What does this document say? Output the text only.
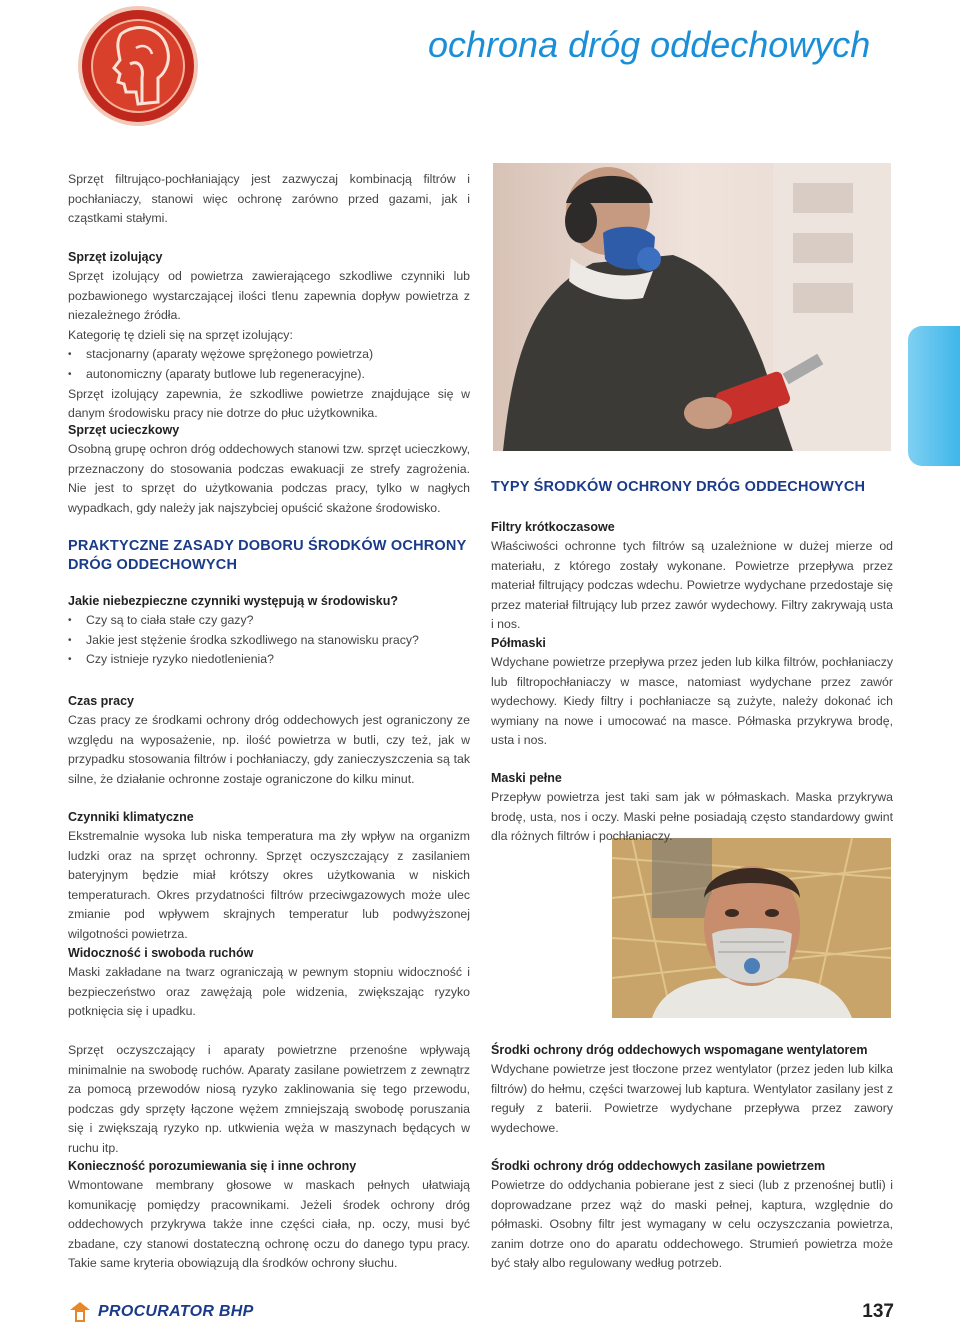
ochrona dróg oddechowych

Sprzęt filtrująco-pochłaniający jest zazwyczaj kombinacją filtrów i pochłaniaczy, stanowi więc ochronę zarówno przed gazami, jak i cząstkami stałymi.

Sprzęt izolujący

Sprzęt izolujący od powietrza zawierającego szkodliwe czynniki lub pozbawionego wystarczającej ilości tlenu zapewnia dopływ powietrza z niezależnego źródła.

Kategorię tę dzieli się na sprzęt izolujący:

• stacjonarny (aparaty wężowe sprężonego powietrza)
• autonomiczny (aparaty butlowe lub regeneracyjne).

Sprzęt izolujący zapewnia, że szkodliwe powietrze znajdujące się w danym środowisku pracy nie dotrze do płuc użytkownika.

Sprzęt ucieczkowy

Osobną grupę ochron dróg oddechowych stanowi tzw. sprzęt ucieczkowy, przeznaczony do stosowania podczas ewakuacji ze strefy zagrożenia. Nie jest to sprzęt do użytkowania podczas pracy, tylko w nagłych wypadkach, gdy należy jak najszybciej opuścić skażone środowisko.

PRAKTYCZNE ZASADY DOBORU ŚRODKÓW OCHRONY

DRÓG ODDECHOWYCH

Jakie niebezpieczne czynniki występują w środowisku?

• Czy są to ciała stałe czy gazy?
• Jakie jest stężenie środka szkodliwego na stanowisku pracy?
• Czy istnieje ryzyko niedotlenienia?

Czas pracy

Czas pracy ze środkami ochrony dróg oddechowych jest ograniczony ze względu na wyposażenie, np. ilość powietrza w butli, czy też, jak w przypadku stosowania filtrów i pochłaniaczy, gdy zanieczyszczenia są tak silne, że działanie ochronne zostaje ograniczone do kilku minut.

Czynniki klimatyczne

Ekstremalnie wysoka lub niska temperatura ma zły wpływ na organizm ludzki oraz na sprzęt ochronny. Sprzęt oczyszczający z zasilaniem bateryjnym będzie miał krótszy okres użytkowania w niskich temperaturach. Okres przydatności filtrów przeciwgazowych może ulec zmianie pod wpływem skrajnych temperatur lub podwyższonej wilgotności powietrza.

Widoczność i swoboda ruchów

Maski zakładane na twarz ograniczają w pewnym stopniu widoczność i bezpieczeństwo oraz zawężają pole widzenia, zwiększając ryzyko potknięcia się i upadku.

Sprzęt oczyszczający i aparaty powietrzne przenośne wpływają minimalnie na swobodę ruchów. Aparaty zasilane powietrzem z zewnątrz za pomocą przewodów niosą ryzyko zaklinowania się tego przewodu, podczas gdy sprzęty łączone wężem zmniejszają swobodę poruszania się i zwiększają ryzyko np. utkwienia węża w maszynach będących w ruchu itp.

Konieczność porozumiewania się i inne ochrony

Wmontowane membrany głosowe w maskach pełnych ułatwiają komunikację pomiędzy pracownikami. Jeżeli środek ochrony dróg oddechowych przykrywa także inne części ciała, np. oczy, musi być zbadane, czy stanowi dostateczną ochronę oczu do danego typu pracy. Takie same kryteria obowiązują dla środków ochrony słuchu.

TYPY ŚRODKÓW OCHRONY DRÓG ODDECHOWYCH

Filtry krótkoczasowe

Właściwości ochronne tych filtrów są uzależnione w dużej mierze od materiału, z którego zostały wykonane. Powietrze przepływa przez materiał filtrujący podczas wdechu. Powietrze wydychane przedostaje się przez materiał filtrujący lub przez zawór wydechowy. Filtry zakrywają usta i nos.

Półmaski

Wdychane powietrze przepływa przez jeden lub kilka filtrów, pochłaniaczy lub filtropochłaniaczy w masce, natomiast wydychane przez zawór wydechowy. Kiedy filtry i pochłaniacze są zużyte, należy dokonać ich wymiany na nowe i umocować na masce. Półmaska przykrywa brodę, usta i nos.

Maski pełne

Przepływ powietrza jest taki sam jak w półmaskach. Maska przykrywa brodę, usta, nos i oczy. Maski pełne posiadają często standardowy gwint dla różnych filtrów i pochłaniaczy.

Środki ochrony dróg oddechowych wspomagane wentylatorem

Wdychane powietrze jest tłoczone przez wentylator (przez jeden lub kilka filtrów) do hełmu, części twarzowej lub kaptura. Wentylator zasilany jest z reguły z baterii. Powietrze wydychane przepływa przez zawory wydechowe.

Środki ochrony dróg oddechowych zasilane powietrzem

Powietrze do oddychania pobierane jest z sieci (lub z przenośnej butli) i doprowadzane przez wąż do maski pełnej, kaptura, względnie do półmaski. Osobny filtr jest wymagany w celu oczyszczania powietrza, zanim dotrze ono do aparatu oddechowego. Strumień powietrza może być stały albo regulowany według potrzeb.

PROCURATOR BHP	137
